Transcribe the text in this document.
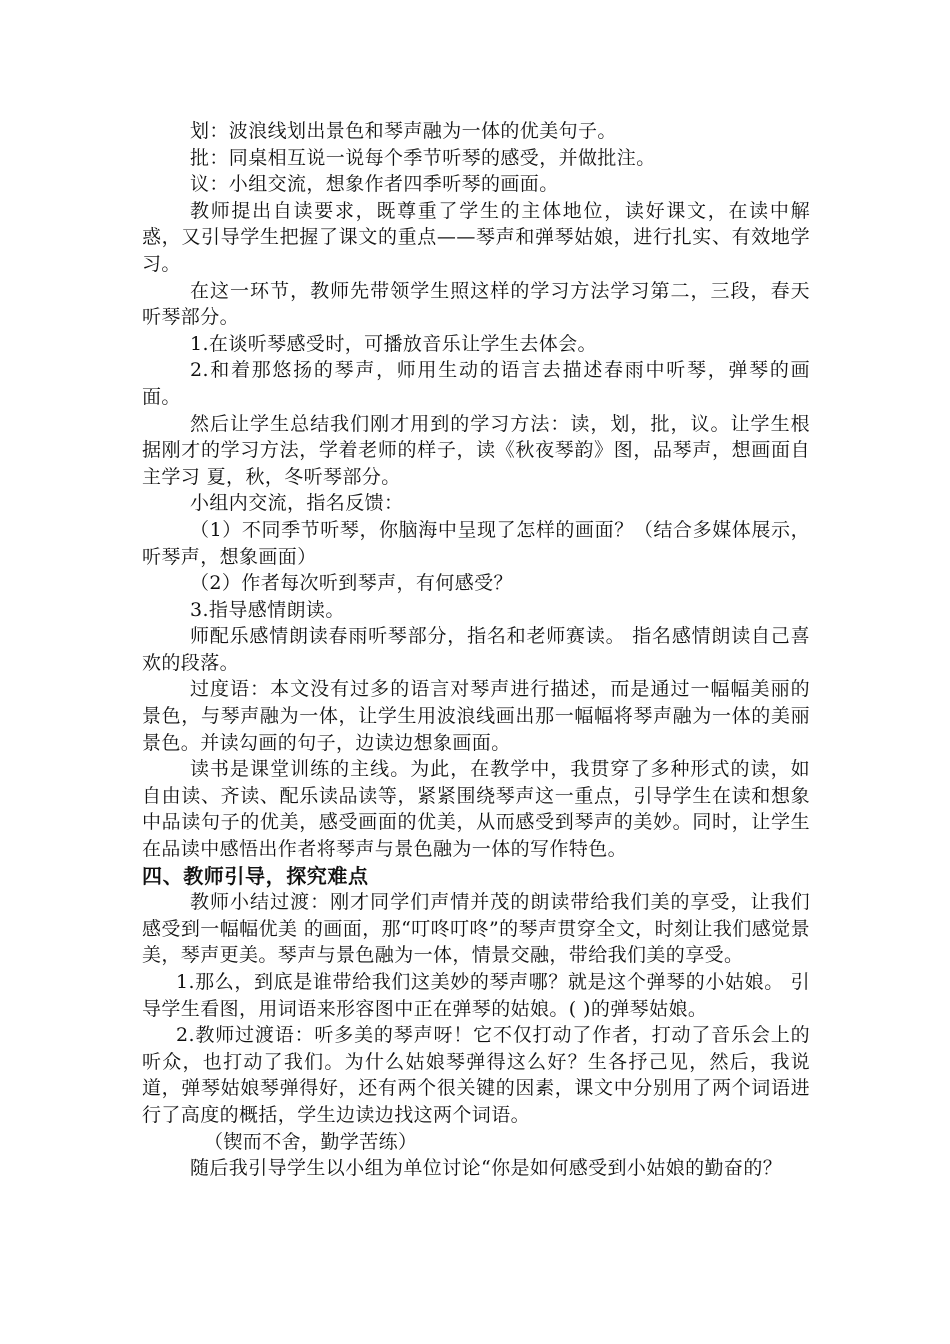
划：波浪线划出景色和琴声融为一体的优美句子。

批：同桌相互说一说每个季节听琴的感受，并做批注。

议：小组交流，想象作者四季听琴的画面。

教师提出自读要求，既尊重了学生的主体地位，读好课文，在读中解惑，又引导学生把握了课文的重点——琴声和弹琴姑娘，进行扎实、有效地学习。

在这一环节，教师先带领学生照这样的学习方法学习第二，三段，春天听琴部分。

1.在谈听琴感受时，可播放音乐让学生去体会。

2.和着那悠扬的琴声，师用生动的语言去描述春雨中听琴，弹琴的画面。

然后让学生总结我们刚才用到的学习方法：读，划，批，议。让学生根据刚才的学习方法，学着老师的样子，读《秋夜琴韵》图，品琴声，想画面自主学习 夏，秋，冬听琴部分。

小组内交流，指名反馈：

（1）不同季节听琴，你脑海中呈现了怎样的画面？（结合多媒体展示，听琴声，想象画面）

（2）作者每次听到琴声，有何感受？

3.指导感情朗读。

师配乐感情朗读春雨听琴部分，指名和老师赛读。 指名感情朗读自己喜欢的段落。

过度语：本文没有过多的语言对琴声进行描述，而是通过一幅幅美丽的景色，与琴声融为一体，让学生用波浪线画出那一幅幅将琴声融为一体的美丽景色。并读勾画的句子，边读边想象画面。

读书是课堂训练的主线。为此，在教学中，我贯穿了多种形式的读，如自由读、齐读、配乐读品读等，紧紧围绕琴声这一重点，引导学生在读和想象中品读句子的优美，感受画面的优美，从而感受到琴声的美妙。同时，让学生在品读中感悟出作者将琴声与景色融为一体的写作特色。

四、教师引导，探究难点

教师小结过渡：刚才同学们声情并茂的朗读带给我们美的享受，让我们感受到一幅幅优美 的画面，那“叮咚叮咚”的琴声贯穿全文，时刻让我们感觉景美，琴声更美。琴声与景色融为一体，情景交融，带给我们美的享受。

1.那么，到底是谁带给我们这美妙的琴声哪？就是这个弹琴的小姑娘。 引导学生看图，用词语来形容图中正在弹琴的姑娘。( )的弹琴姑娘。

2.教师过渡语：听多美的琴声呀！它不仅打动了作者，打动了音乐会上的听众，也打动了我们。为什么姑娘琴弹得这么好？生各抒己见，然后，我说道，弹琴姑娘琴弹得好，还有两个很关键的因素，课文中分别用了两个词语进行了高度的概括，学生边读边找这两个词语。

（锲而不舍，勤学苦练）

随后我引导学生以小组为单位讨论“你是如何感受到小姑娘的勤奋的？
